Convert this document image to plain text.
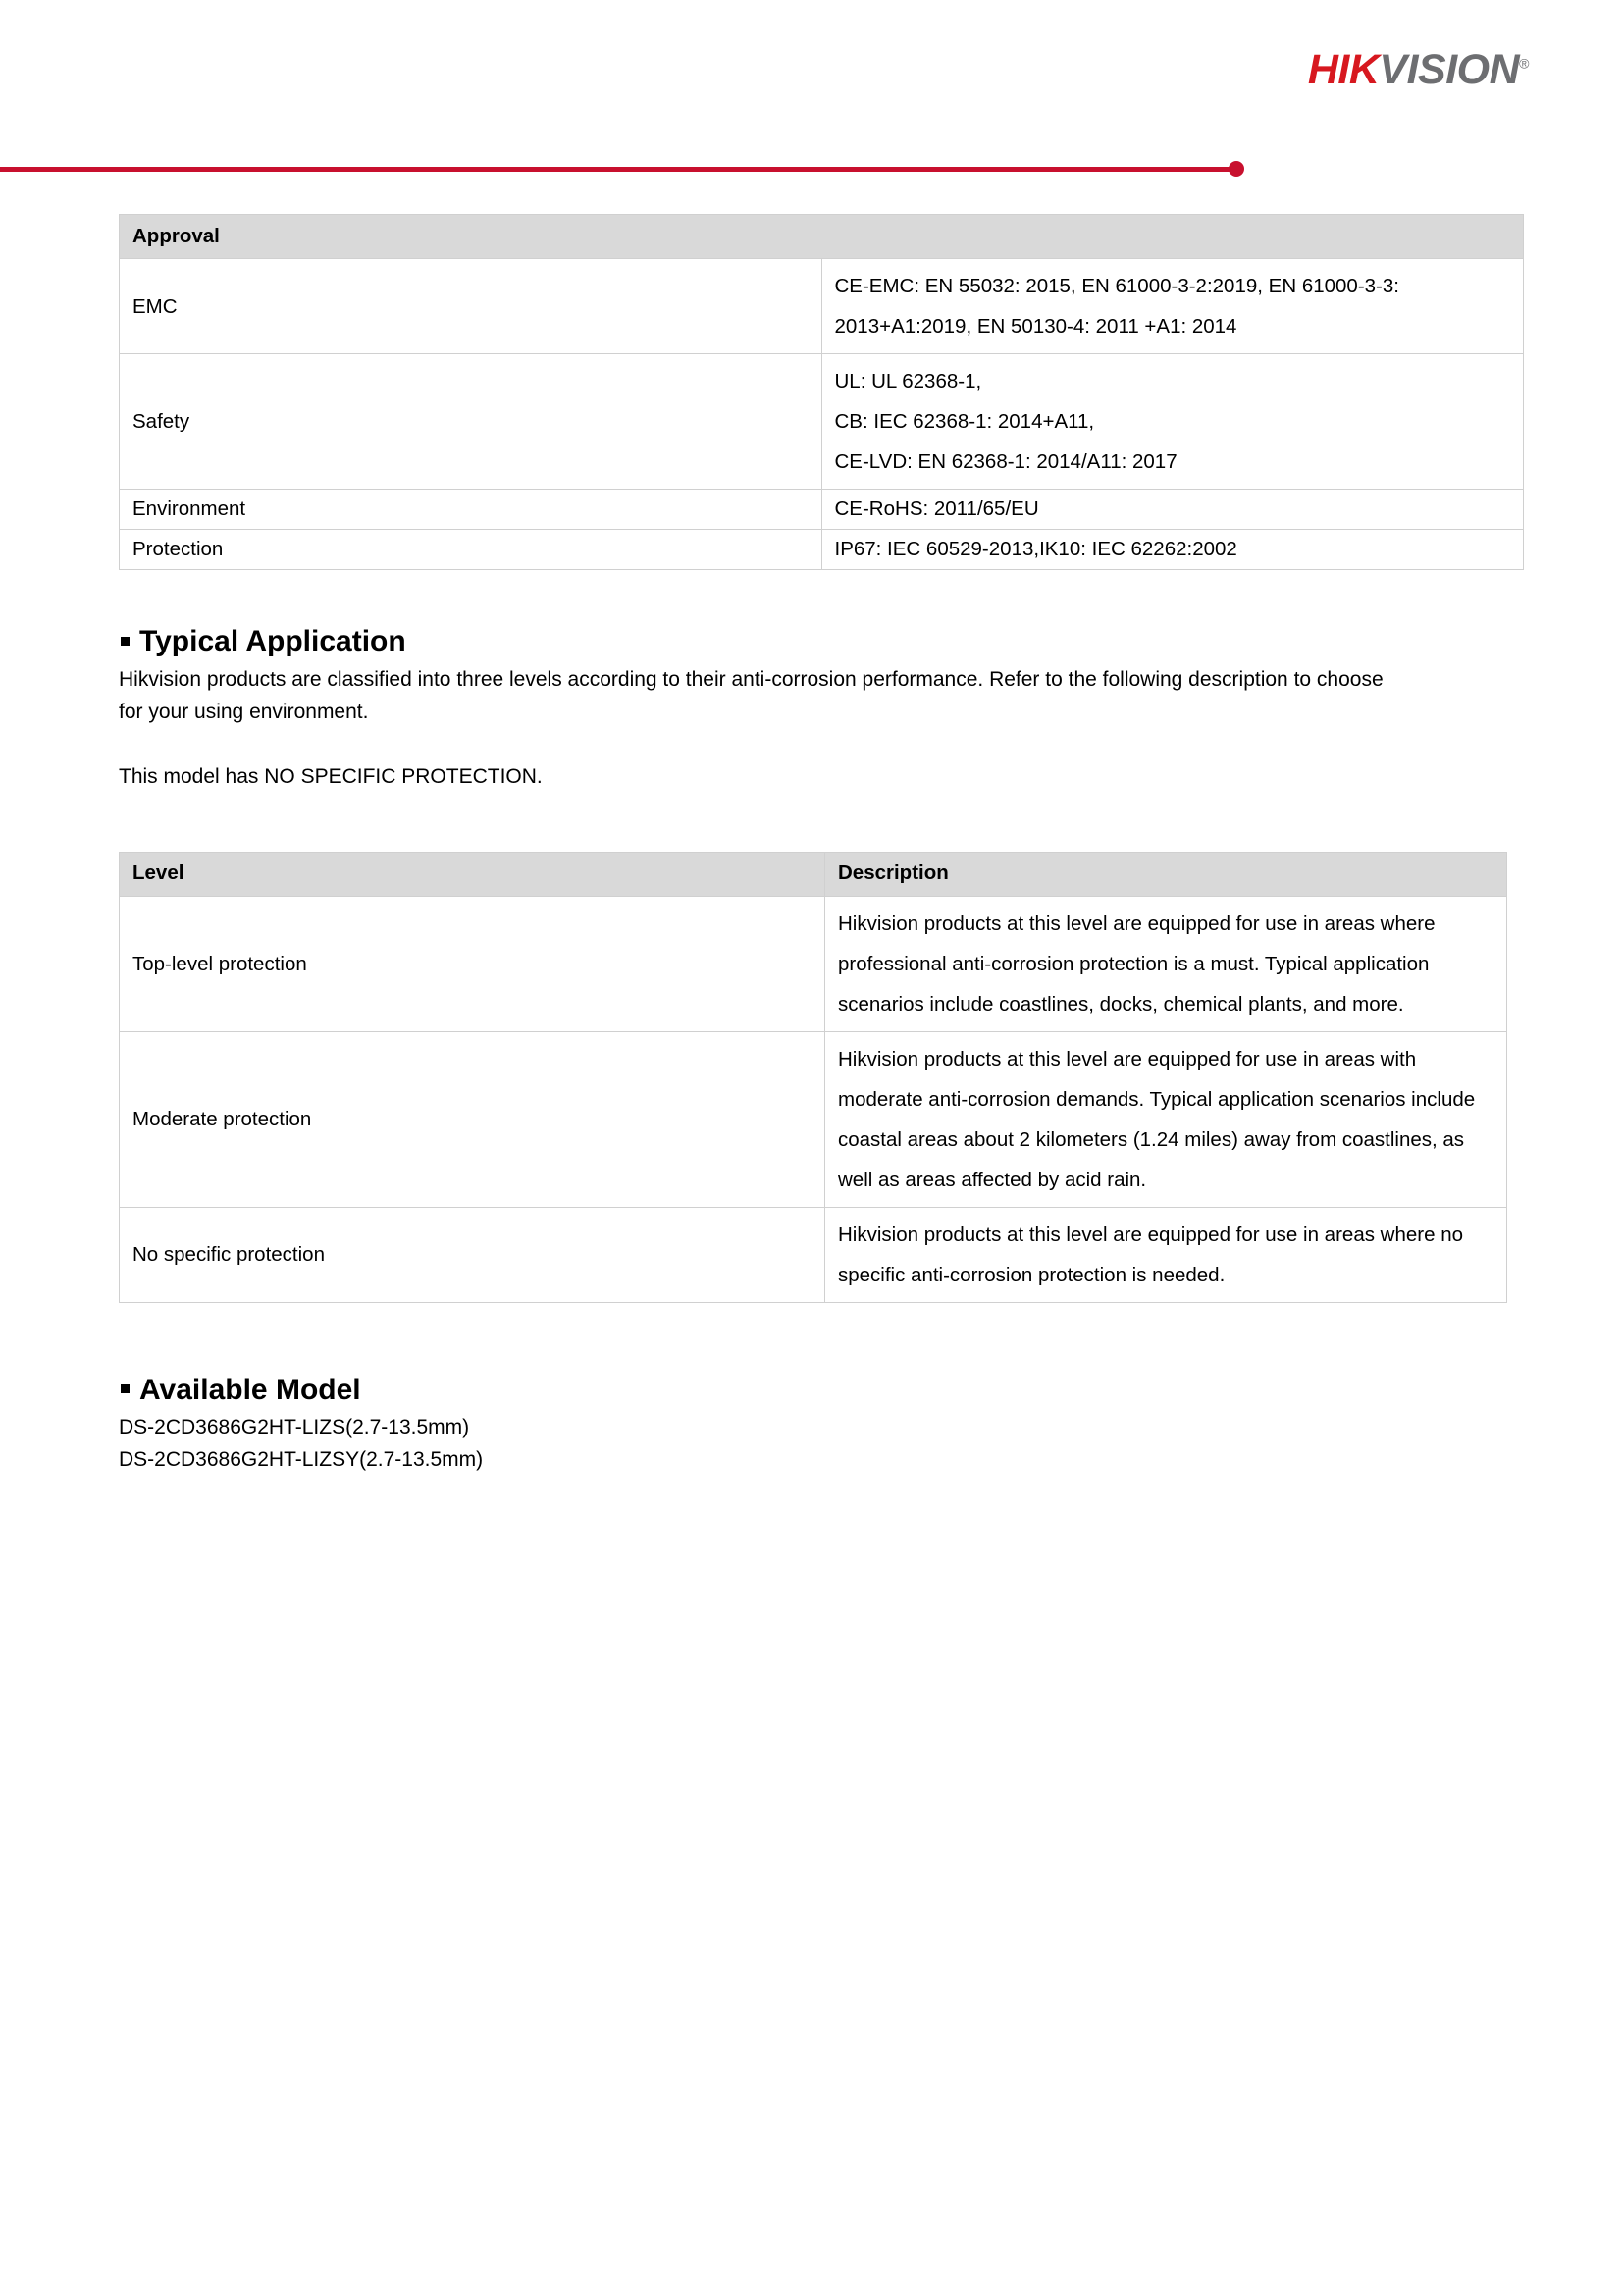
HIKVISION®
Approval	

EMC	CE-EMC: EN 55032: 2015, EN 61000-3-2:2019, EN 61000-3-3: 2013+A1:2019, EN 50130-4: 2011 +A1: 2014

Safety	UL: UL 62368-1,
CB: IEC 62368-1: 2014+A11,
CE-LVD: EN 62368-1: 2014/A11: 2017

Environment	CE-RoHS: 2011/65/EU

Protection	IP67: IEC 60529-2013,IK10: IEC 62262:2002
Typical Application

Hikvision products are classified into three levels according to their anti-corrosion performance. Refer to the following description to choose for your using environment.

This model has NO SPECIFIC PROTECTION.

Level	Description

Top-level protection	Hikvision products at this level are equipped for use in areas where professional anti-corrosion protection is a must. Typical application scenarios include coastlines, docks, chemical plants, and more.

Moderate protection	Hikvision products at this level are equipped for use in areas with moderate anti-corrosion demands. Typical application scenarios include coastal areas about 2 kilometers (1.24 miles) away from coastlines, as well as areas affected by acid rain.

No specific protection	Hikvision products at this level are equipped for use in areas where no specific anti-corrosion protection is needed.
Available Model

DS-2CD3686G2HT-LIZS(2.7-13.5mm)

DS-2CD3686G2HT-LIZSY(2.7-13.5mm)
